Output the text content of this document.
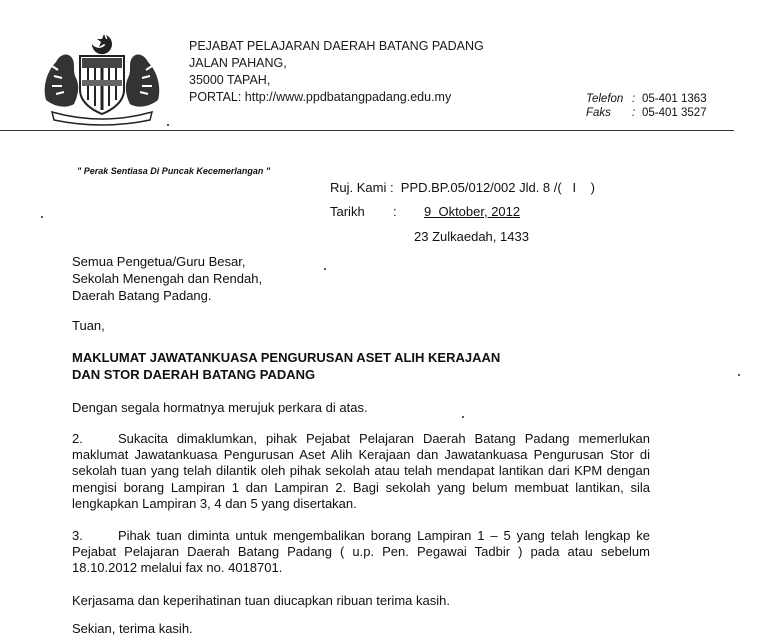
PEJABAT PELAJARAN DAERAH BATANG PADANG
JALAN PAHANG,
35000 TAPAH,
PORTAL: http://www.ppdbatangpadang.edu.my	Telefon : 05-401 1363
Faks : 05-401 3527
" Perak Sentiasa Di Puncak Kecemerlangan "
Ruj. Kami :  PPD.BP.05/012/002 Jld. 8 /(   I    )
Tarikh : 9  Oktober, 2012
23 Zulkaedah, 1433
Semua Pengetua/Guru Besar,
Sekolah Menengah dan Rendah,
Daerah Batang Padang.
Tuan,
MAKLUMAT JAWATANKUASA PENGURUSAN ASET ALIH KERAJAAN
DAN STOR DAERAH BATANG PADANG
Dengan segala hormatnya merujuk perkara di atas.
2.	Sukacita dimaklumkan, pihak Pejabat Pelajaran Daerah Batang Padang memerlukan maklumat Jawatankuasa Pengurusan Aset Alih Kerajaan dan Jawatankuasa Pengurusan Stor di sekolah tuan yang telah dilantik oleh pihak sekolah atau telah mendapat lantikan dari KPM dengan mengisi borang Lampiran 1 dan Lampiran 2. Bagi sekolah yang belum membuat lantikan, sila lengkapkan Lampiran 3, 4 dan 5 yang disertakan.
3.	Pihak tuan diminta untuk mengembalikan borang Lampiran 1 – 5 yang telah lengkap ke Pejabat Pelajaran Daerah Batang Padang ( u.p. Pen. Pegawai Tadbir ) pada atau sebelum 18.10.2012 melalui fax no. 4018701.
Kerjasama dan keperihatinan tuan diucapkan ribuan terima kasih.
Sekian, terima kasih.
